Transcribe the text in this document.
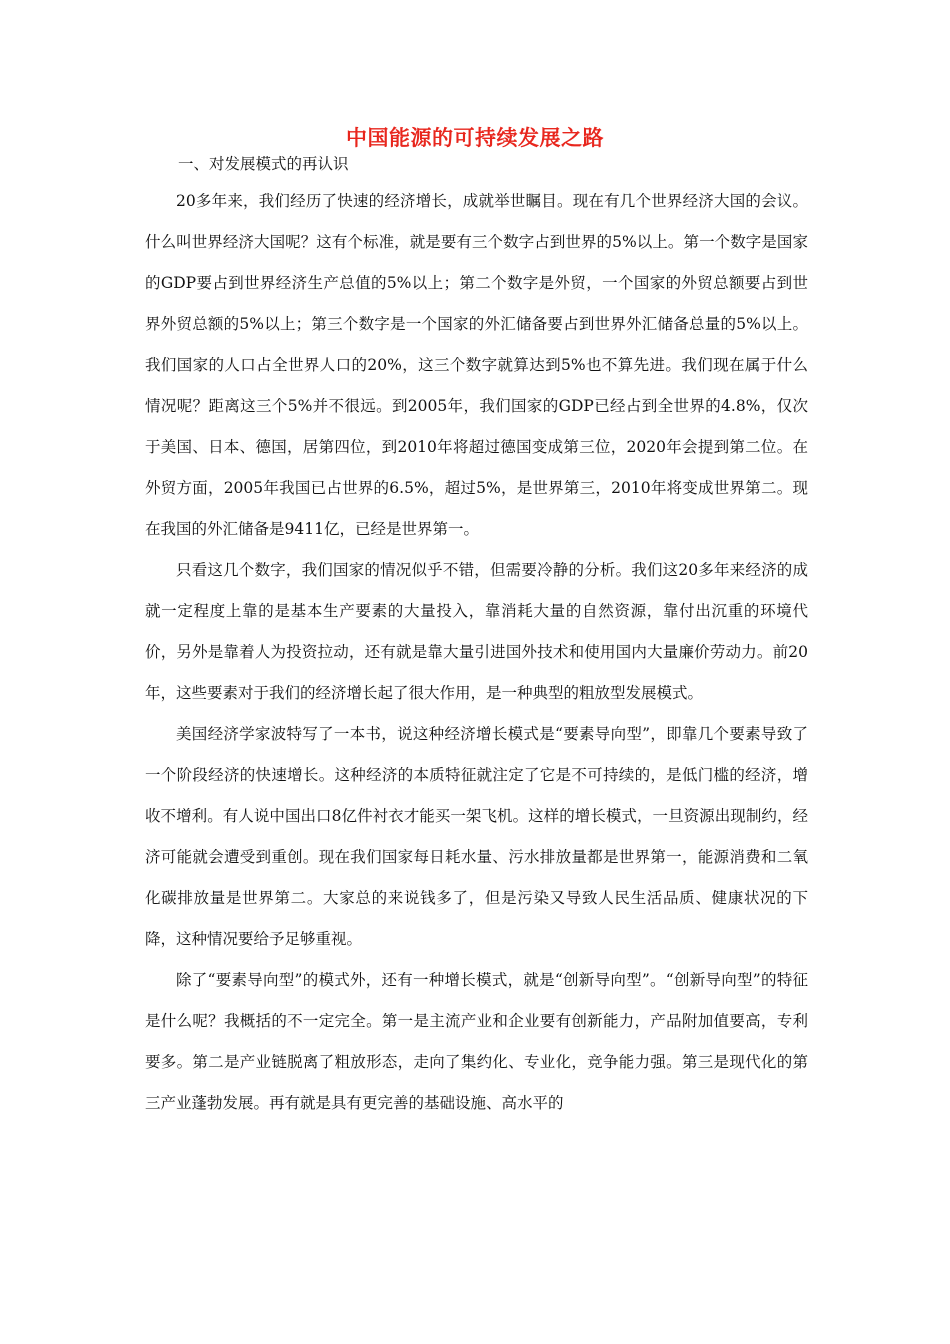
中国能源的可持续发展之路
一、对发展模式的再认识

20多年来，我们经历了快速的经济增长，成就举世瞩目。现在有几个世界经济大国的会议。什么叫世界经济大国呢？这有个标准，就是要有三个数字占到世界的5%以上。第一个数字是国家的GDP要占到世界经济生产总值的5%以上；第二个数字是外贸，一个国家的外贸总额要占到世界外贸总额的5%以上；第三个数字是一个国家的外汇储备要占到世界外汇储备总量的5%以上。我们国家的人口占全世界人口的20%，这三个数字就算达到5%也不算先进。我们现在属于什么情况呢？距离这三个5%并不很远。到2005年，我们国家的GDP已经占到全世界的4.8%，仅次于美国、日本、德国，居第四位，到2010年将超过德国变成第三位，2020年会提到第二位。在外贸方面，2005年我国已占世界的6.5%，超过5%，是世界第三，2010年将变成世界第二。现在我国的外汇储备是9411亿，已经是世界第一。

只看这几个数字，我们国家的情况似乎不错，但需要冷静的分析。我们这20多年来经济的成就一定程度上靠的是基本生产要素的大量投入，靠消耗大量的自然资源，靠付出沉重的环境代价，另外是靠着人为投资拉动，还有就是靠大量引进国外技术和使用国内大量廉价劳动力。前20年，这些要素对于我们的经济增长起了很大作用，是一种典型的粗放型发展模式。

美国经济学家波特写了一本书，说这种经济增长模式是“要素导向型”，即靠几个要素导致了一个阶段经济的快速增长。这种经济的本质特征就注定了它是不可持续的，是低门槛的经济，增收不增利。有人说中国出口8亿件衬衣才能买一架飞机。这样的增长模式，一旦资源出现制约，经济可能就会遭受到重创。现在我们国家每日耗水量、污水排放量都是世界第一，能源消费和二氧化碳排放量是世界第二。大家总的来说钱多了，但是污染又导致人民生活品质、健康状况的下降，这种情况要给予足够重视。

除了“要素导向型”的模式外，还有一种增长模式，就是“创新导向型”。“创新导向型”的特征是什么呢？我概括的不一定完全。第一是主流产业和企业要有创新能力，产品附加值要高，专利要多。第二是产业链脱离了粗放形态，走向了集约化、专业化，竞争能力强。第三是现代化的第三产业蓬勃发展。再有就是具有更完善的基础设施、高水平的
